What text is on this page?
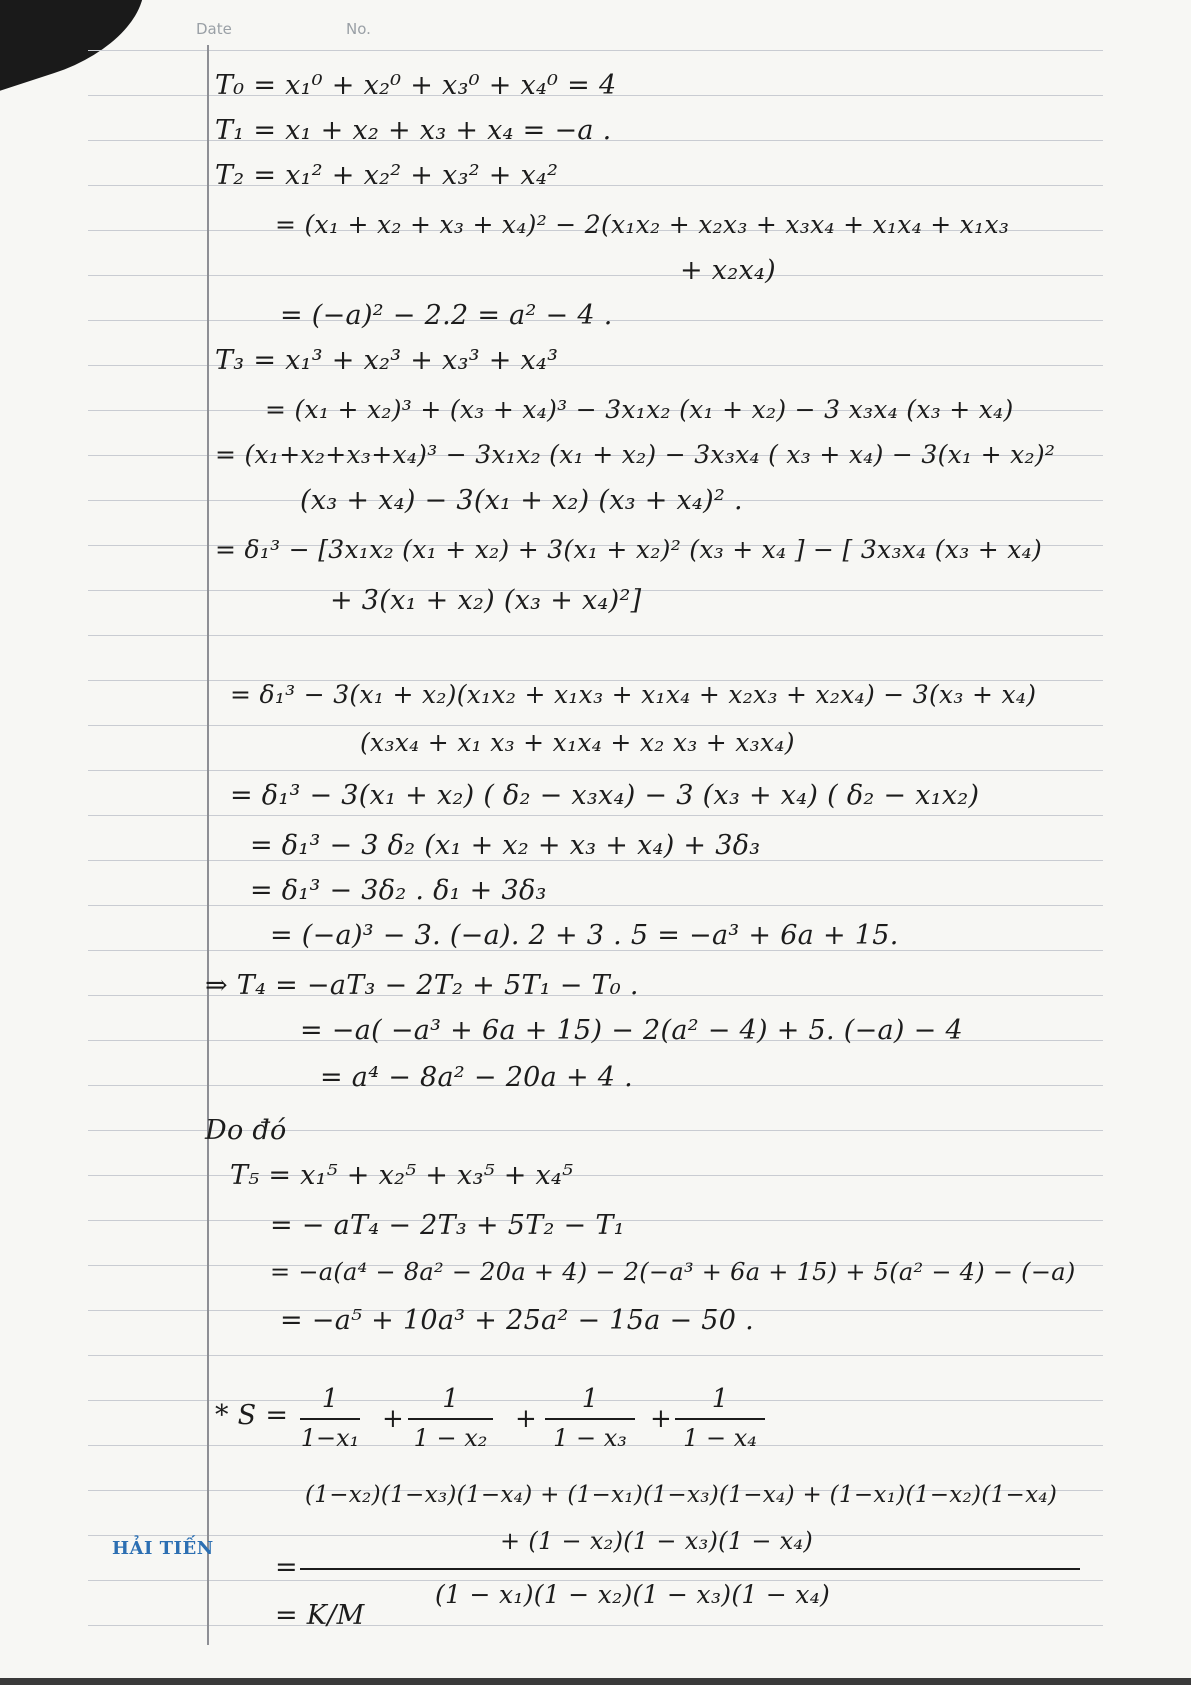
Date	No.
T₀ = x₁⁰ + x₂⁰ + x₃⁰ + x₄⁰ = 4
T₁ = x₁ + x₂ + x₃ + x₄ = −a .
T₂ = x₁² + x₂² + x₃² + x₄²
= (x₁ + x₂ + x₃ + x₄)² − 2(x₁x₂ + x₂x₃ + x₃x₄ + x₁x₄ + x₁x₃
+ x₂x₄)
= (−a)² − 2.2 = a² − 4 .
T₃ = x₁³ + x₂³ + x₃³ + x₄³
= (x₁ + x₂)³ + (x₃ + x₄)³ − 3x₁x₂ (x₁ + x₂) − 3 x₃x₄ (x₃ + x₄)
= (x₁+x₂+x₃+x₄)³ − 3x₁x₂ (x₁ + x₂) − 3x₃x₄ ( x₃ + x₄) − 3(x₁ + x₂)²
(x₃ + x₄) − 3(x₁ + x₂) (x₃ + x₄)² .
= δ₁³ − [3x₁x₂ (x₁ + x₂) + 3(x₁ + x₂)² (x₃ + x₄ ] − [ 3x₃x₄ (x₃ + x₄)
+ 3(x₁ + x₂) (x₃ + x₄)²]
= δ₁³ − 3(x₁ + x₂)(x₁x₂ + x₁x₃ + x₁x₄ + x₂x₃ + x₂x₄) − 3(x₃ + x₄)
(x₃x₄ + x₁ x₃ + x₁x₄ + x₂ x₃ + x₃x₄)
= δ₁³ − 3(x₁ + x₂) ( δ₂ − x₃x₄) − 3 (x₃ + x₄) ( δ₂ − x₁x₂)
= δ₁³ − 3 δ₂ (x₁ + x₂ + x₃ + x₄) + 3δ₃
= δ₁³ − 3δ₂ . δ₁ + 3δ₃
= (−a)³ − 3. (−a). 2 + 3 . 5 = −a³ + 6a + 15.
⇒ T₄ = −aT₃ − 2T₂ + 5T₁ − T₀ .
= −a( −a³ + 6a + 15) − 2(a² − 4) + 5. (−a) − 4
= a⁴ − 8a² − 20a + 4 .
Do đó
T₅ = x₁⁵ + x₂⁵ + x₃⁵ + x₄⁵
= − aT₄ − 2T₃ + 5T₂ − T₁
= −a(a⁴ − 8a² − 20a + 4) − 2(−a³ + 6a + 15) + 5(a² − 4) − (−a)
= −a⁵ + 10a³ + 25a² − 15a − 50 .
* S =
1
1−x₁
+
1
1 − x₂
+
1
1 − x₃
+
1
1 − x₄
(1−x₂)(1−x₃)(1−x₄) + (1−x₁)(1−x₃)(1−x₄) + (1−x₁)(1−x₂)(1−x₄)
+ (1 − x₂)(1 − x₃)(1 − x₄)
=
(1 − x₁)(1 − x₂)(1 − x₃)(1 − x₄)
= K/M
HẢI TIẾN
